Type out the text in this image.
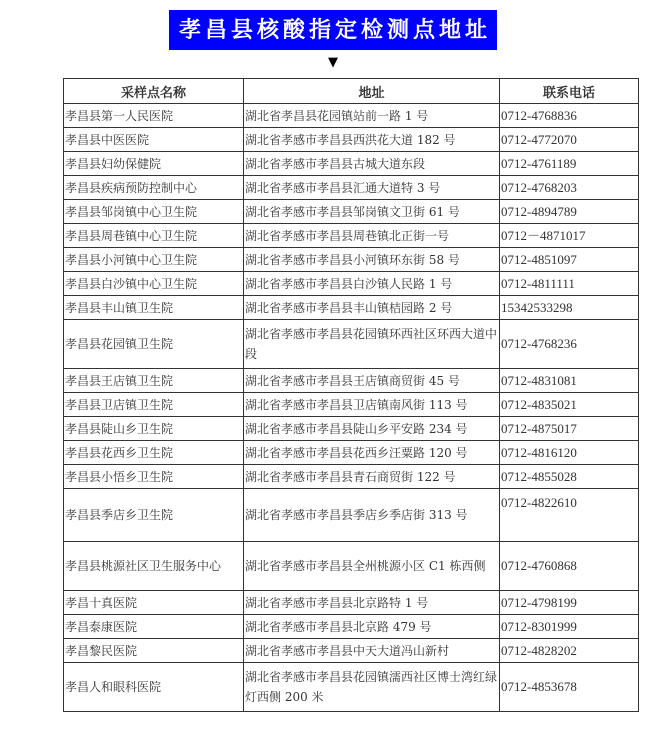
孝昌县核酸指定检测点地址
▼
采样点名称	地址	联系电话
孝昌县第一人民医院	湖北省孝昌县花园镇站前一路 1 号	0712-4768836
孝昌县中医医院	湖北省孝感市孝昌县西洪花大道 182 号	0712-4772070
孝昌县妇幼保健院	湖北省孝感市孝昌县古城大道东段	0712-4761189
孝昌县疾病预防控制中心	湖北省孝感市孝昌县汇通大道特 3 号	0712-4768203
孝昌县邹岗镇中心卫生院	湖北省孝感市孝昌县邹岗镇文卫街 61 号	0712-4894789
孝昌县周巷镇中心卫生院	湖北省孝感市孝昌县周巷镇北正街一号	0712－4871017
孝昌县小河镇中心卫生院	湖北省孝感市孝昌县小河镇环东街 58 号	0712-4851097
孝昌县白沙镇中心卫生院	湖北省孝感市孝昌县白沙镇人民路 1 号	0712-4811111
孝昌县丰山镇卫生院	湖北省孝感市孝昌县丰山镇桔园路 2 号	15342533298
孝昌县花园镇卫生院	湖北省孝感市孝昌县花园镇环西社区环西大道中段	0712-4768236
孝昌县王店镇卫生院	湖北省孝感市孝昌县王店镇商贸街 45 号	0712-4831081
孝昌县卫店镇卫生院	湖北省孝感市孝昌县卫店镇南风街 113 号	0712-4835021
孝昌县陡山乡卫生院	湖北省孝感市孝昌县陡山乡平安路 234 号	0712-4875017
孝昌县花西乡卫生院	湖北省孝感市孝昌县花西乡汪粟路 120 号	0712-4816120
孝昌县小悟乡卫生院	湖北省孝感市孝昌县青石商贸街 122 号	0712-4855028
孝昌县季店乡卫生院	湖北省孝感市孝昌县季店乡季店街 313 号	0712-4822610
孝昌县桃源社区卫生服务中心	湖北省孝感市孝昌县全州桃源小区 C1 栋西侧	0712-4760868
孝昌十真医院	湖北省孝感市孝昌县北京路特 1 号	0712-4798199
孝昌泰康医院	湖北省孝感市孝昌县北京路 479 号	0712-8301999
孝昌黎民医院	湖北省孝感市孝昌县中天大道冯山新村	0712-4828202
孝昌人和眼科医院	湖北省孝感市孝昌县花园镇濡西社区博士湾红绿灯西侧 200 米	0712-4853678
